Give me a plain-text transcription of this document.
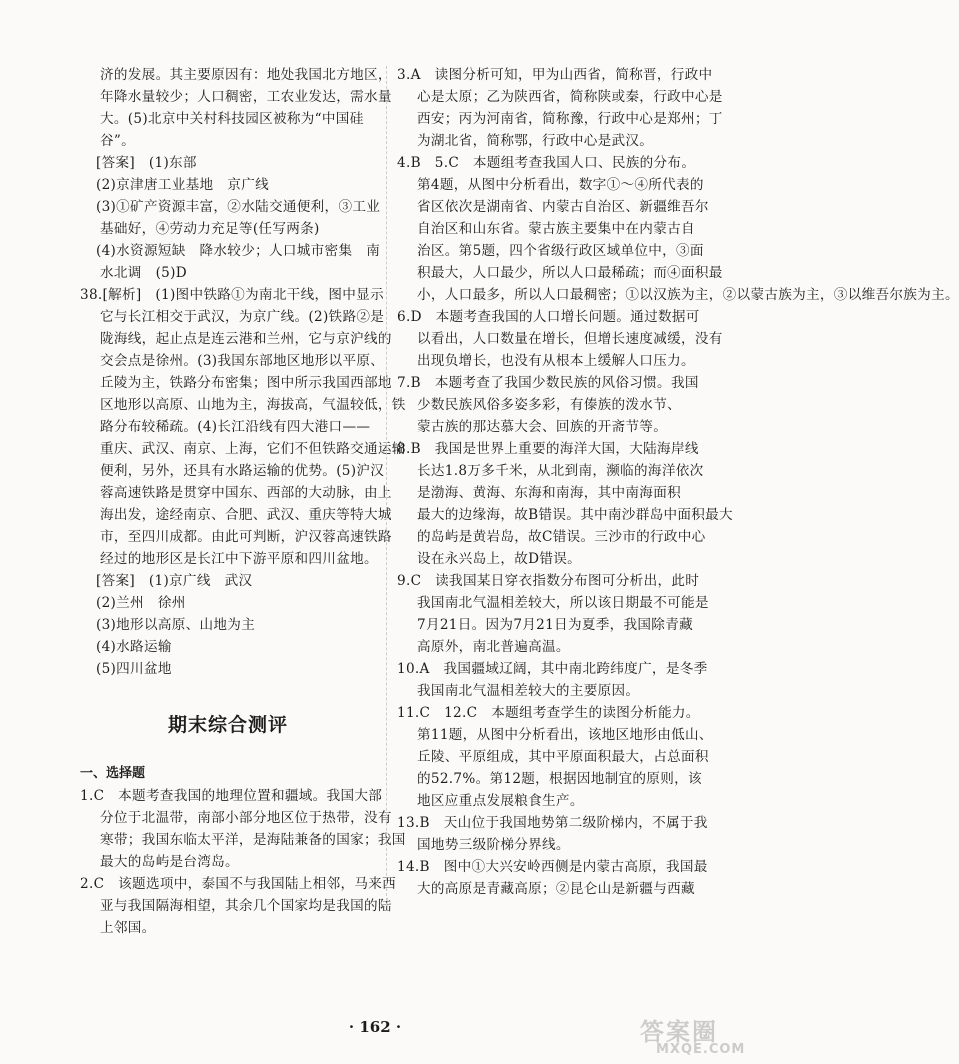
济的发展。其主要原因有：地处我国北方地区，
年降水量较少；人口稠密，工农业发达，需水量
大。(5)北京中关村科技园区被称为“中国硅
谷”。
[答案]　(1)东部
(2)京津唐工业基地　京广线
(3)①矿产资源丰富，②水陆交通便利，③工业
基础好，④劳动力充足等(任写两条)
(4)水资源短缺　降水较少；人口城市密集　南
水北调　(5)D
38.[解析]　(1)图中铁路①为南北干线，图中显示
它与长江相交于武汉，为京广线。(2)铁路②是
陇海线，起止点是连云港和兰州，它与京沪线的
交会点是徐州。(3)我国东部地区地形以平原、
丘陵为主，铁路分布密集；图中所示我国西部地
区地形以高原、山地为主，海拔高，气温较低，铁
路分布较稀疏。(4)长江沿线有四大港口——
重庆、武汉、南京、上海，它们不但铁路交通运输
便利，另外，还具有水路运输的优势。(5)沪汉
蓉高速铁路是贯穿中国东、西部的大动脉，由上
海出发，途经南京、合肥、武汉、重庆等特大城
市，至四川成都。由此可判断，沪汉蓉高速铁路
经过的地形区是长江中下游平原和四川盆地。
[答案]　(1)京广线　武汉
(2)兰州　徐州
(3)地形以高原、山地为主
(4)水路运输
(5)四川盆地
期末综合测评
一、选择题
1.C　本题考查我国的地理位置和疆域。我国大部
分位于北温带，南部小部分地区位于热带，没有
寒带；我国东临太平洋，是海陆兼备的国家；我国
最大的岛屿是台湾岛。
2.C　该题选项中，泰国不与我国陆上相邻，马来西
亚与我国隔海相望，其余几个国家均是我国的陆
上邻国。
3.A　读图分析可知，甲为山西省，简称晋，行政中
心是太原；乙为陕西省，简称陕或秦，行政中心是
西安；丙为河南省，简称豫，行政中心是郑州；丁
为湖北省，简称鄂，行政中心是武汉。
4.B　5.C　本题组考查我国人口、民族的分布。
第4题，从图中分析看出，数字①～④所代表的
省区依次是湖南省、内蒙古自治区、新疆维吾尔
自治区和山东省。蒙古族主要集中在内蒙古自
治区。第5题，四个省级行政区域单位中，③面
积最大，人口最少，所以人口最稀疏；而④面积最
小，人口最多，所以人口最稠密；①以汉族为主，②以蒙古族为主，③以维吾尔族为主。
6.D　本题考查我国的人口增长问题。通过数据可
以看出，人口数量在增长，但增长速度减缓，没有
出现负增长，也没有从根本上缓解人口压力。
7.B　本题考查了我国少数民族的风俗习惯。我国
少数民族风俗多姿多彩，有傣族的泼水节、
蒙古族的那达慕大会、回族的开斋节等。
8.B　我国是世界上重要的海洋大国，大陆海岸线
长达1.8万多千米，从北到南，濒临的海洋依次
是渤海、黄海、东海和南海，其中南海面积
最大的边缘海，故B错误。其中南沙群岛中面积最大
的岛屿是黄岩岛，故C错误。三沙市的行政中心
设在永兴岛上，故D错误。
9.C　读我国某日穿衣指数分布图可分析出，此时
我国南北气温相差较大，所以该日期最不可能是
7月21日。因为7月21日为夏季，我国除青藏
高原外，南北普遍高温。
10.A　我国疆域辽阔，其中南北跨纬度广，是冬季
我国南北气温相差较大的主要原因。
11.C　12.C　本题组考查学生的读图分析能力。
第11题，从图中分析看出，该地区地形由低山、
丘陵、平原组成，其中平原面积最大，占总面积
的52.7%。第12题，根据因地制宜的原则，该
地区应重点发展粮食生产。
13.B　天山位于我国地势第二级阶梯内，不属于我
国地势三级阶梯分界线。
14.B　图中①大兴安岭西侧是内蒙古高原，我国最
大的高原是青藏高原；②昆仑山是新疆与西藏
· 162 ·	答案圈
MXQE.COM
